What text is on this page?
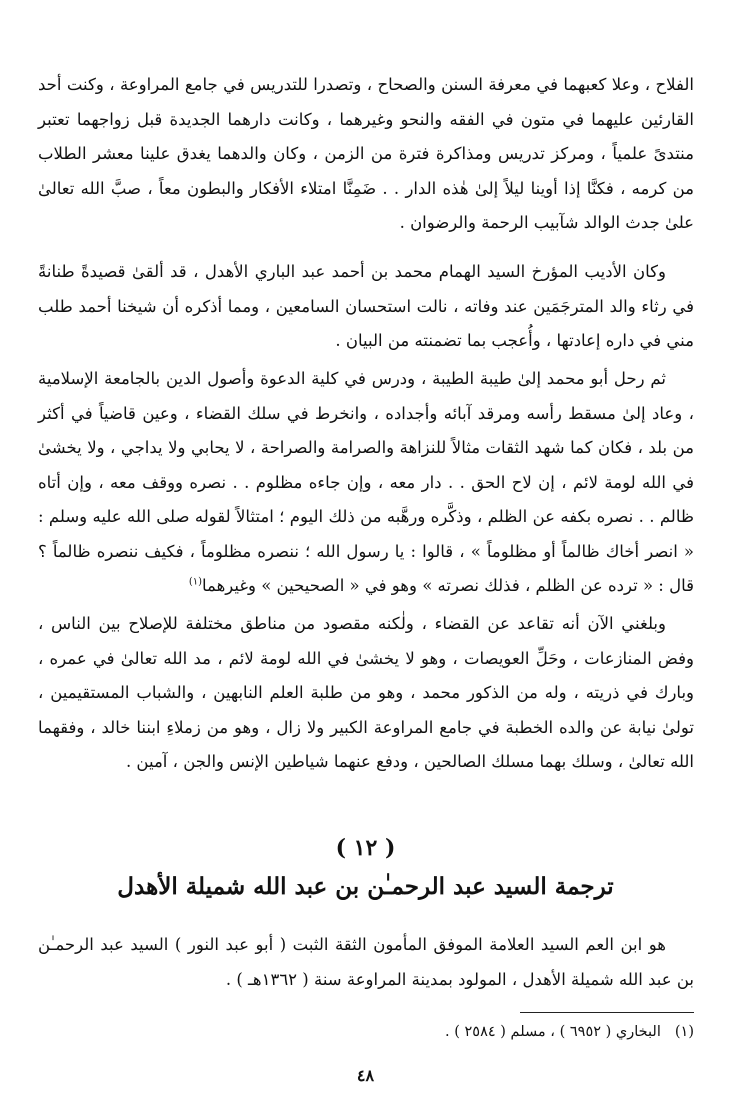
الفلاح ، وعلا كعبهما في معرفة السنن والصحاح ، وتصدرا للتدريس في جامع المراوعة ، وكنت أحد القارئين عليهما في متون في الفقه والنحو وغيرهما ، وكانت دارهما الجديدة قبل زواجهما تعتبر منتدىً علمياً ، ومركز تدريس ومذاكرة فترة من الزمن ، وكان والدهما يغدق علينا معشر الطلاب من كرمه ، فكنَّا إذا أوينا ليلاً إلىٰ هٰذه الدار . . ضَمِنَّا امتلاء الأفكار والبطون معاً ، صبَّ الله تعالىٰ علىٰ جدث الوالد شآبيب الرحمة والرضوان .

وكان الأديب المؤرخ السيد الهمام محمد بن أحمد عبد الباري الأهدل ، قد ألقىٰ قصيدةً طنانةً في رثاء والد المترجَمَين عند وفاته ، نالت استحسان السامعين ، ومما أذكره أن شيخنا أحمد طلب مني في داره إعادتها ، وأُعجب بما تضمنته من البيان .

ثم رحل أبو محمد إلىٰ طيبة الطيبة ، ودرس في كلية الدعوة وأصول الدين بالجامعة الإسلامية ، وعاد إلىٰ مسقط رأسه ومرقد آبائه وأجداده ، وانخرط في سلك القضاء ، وعين قاضياً في أكثر من بلد ، فكان كما شهد الثقات مثالاً للنزاهة والصرامة والصراحة ، لا يحابي ولا يداجي ، ولا يخشىٰ في الله لومة لائم ، إن لاح الحق . . دار معه ، وإن جاءه مظلوم . . نصره ووقف معه ، وإن أتاه ظالم . . نصره بكفه عن الظلم ، وذكَّره ورهَّبه من ذلك اليوم ؛ امتثالاً لقوله صلى الله عليه وسلم : « انصر أخاك ظالماً أو مظلوماً » ، قالوا : يا رسول الله ؛ ننصره مظلوماً ، فكيف ننصره ظالماً ؟ قال : « ترده عن الظلم ، فذلك نصرته » وهو في « الصحيحين » وغيرهما$^{(١)}$

وبلغني الآن أنه تقاعد عن القضاء ، ولٰكنه مقصود من مناطق مختلفة للإصلاح بين الناس ، وفض المنازعات ، وحَلِّ العويصات ، وهو لا يخشىٰ في الله لومة لائم ، مد الله تعالىٰ في عمره ، وبارك في ذريته ، وله من الذكور محمد ، وهو من طلبة العلم النابهين ، والشباب المستقيمين ، تولىٰ نيابة عن والده الخطبة في جامع المراوعة الكبير ولا زال ، وهو من زملاءِ ابننا خالد ، وفقهما الله تعالىٰ ، وسلك بهما مسلك الصالحين ، ودفع عنهما شياطين الإنس والجن ، آمين .

( ١٢ )
ترجمة السيد عبد الرحمـٰن بن عبد الله شميلة الأهدل

هو ابن العم السيد العلامة الموفق المأمون الثقة الثبت ( أبو عبد النور ) السيد عبد الرحمـٰن بن عبد الله شميلة الأهدل ، المولود بمدينة المراوعة سنة ( ١٣٦٢هـ ) .

(١)البخاري ( ٦٩٥٢ ) ، مسلم ( ٢٥٨٤ ) .
٤٨
